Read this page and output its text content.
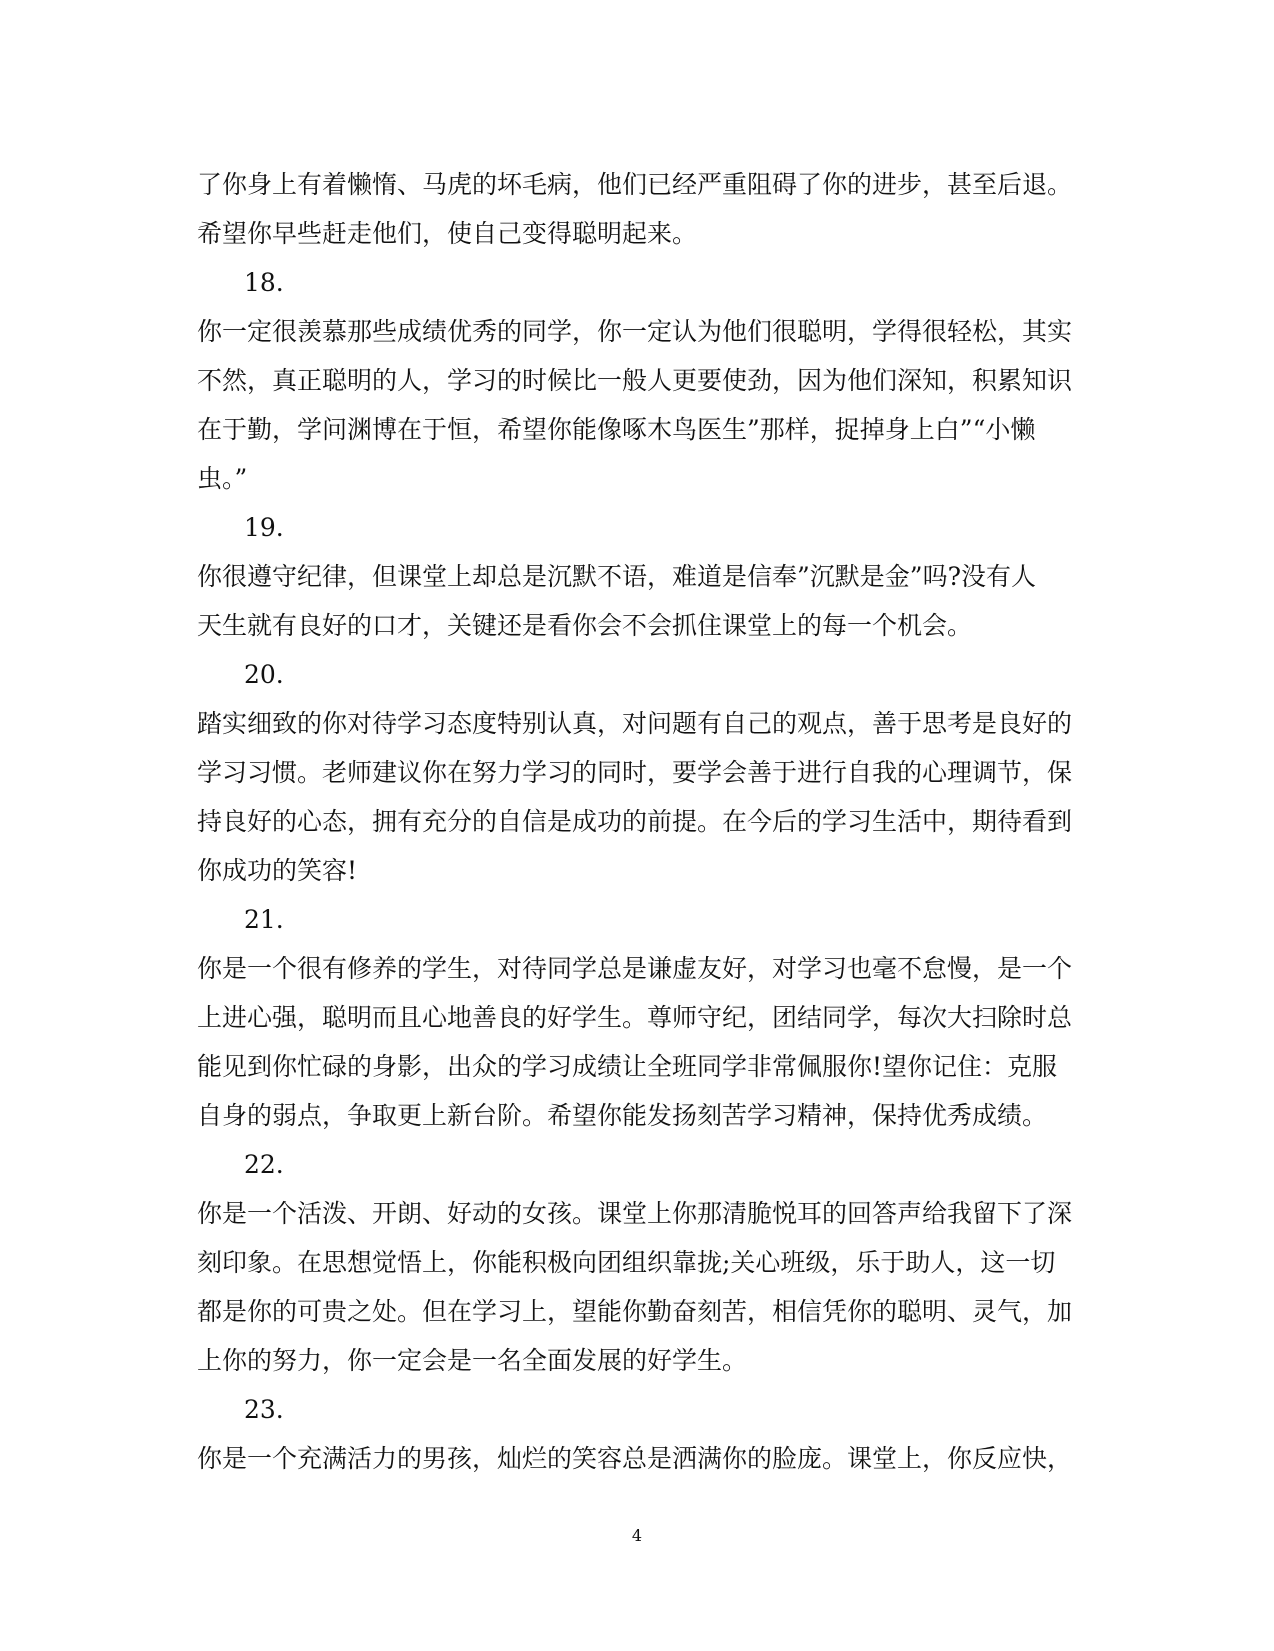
了你身上有着懒惰、马虎的坏毛病，他们已经严重阻碍了你的进步，甚至后退。
希望你早些赶走他们，使自己变得聪明起来。
18.
你一定很羡慕那些成绩优秀的同学，你一定认为他们很聪明，学得很轻松，其实
不然，真正聪明的人，学习的时候比一般人更要使劲，因为他们深知，积累知识
在于勤，学问渊博在于恒，希望你能像啄木鸟医生”那样，捉掉身上白”“小懒
虫。”
19.
你很遵守纪律，但课堂上却总是沉默不语，难道是信奉”沉默是金”吗?没有人
天生就有良好的口才，关键还是看你会不会抓住课堂上的每一个机会。
20.
踏实细致的你对待学习态度特别认真，对问题有自己的观点，善于思考是良好的
学习习惯。老师建议你在努力学习的同时，要学会善于进行自我的心理调节，保
持良好的心态，拥有充分的自信是成功的前提。在今后的学习生活中，期待看到
你成功的笑容!
21.
你是一个很有修养的学生，对待同学总是谦虚友好，对学习也毫不怠慢，是一个
上进心强，聪明而且心地善良的好学生。尊师守纪，团结同学，每次大扫除时总
能见到你忙碌的身影，出众的学习成绩让全班同学非常佩服你!望你记住：克服
自身的弱点，争取更上新台阶。希望你能发扬刻苦学习精神，保持优秀成绩。
22.
你是一个活泼、开朗、好动的女孩。课堂上你那清脆悦耳的回答声给我留下了深
刻印象。在思想觉悟上，你能积极向团组织靠拢;关心班级，乐于助人，这一切
都是你的可贵之处。但在学习上，望能你勤奋刻苦，相信凭你的聪明、灵气，加
上你的努力，你一定会是一名全面发展的好学生。
23.
你是一个充满活力的男孩，灿烂的笑容总是洒满你的脸庞。课堂上，你反应快，
4
